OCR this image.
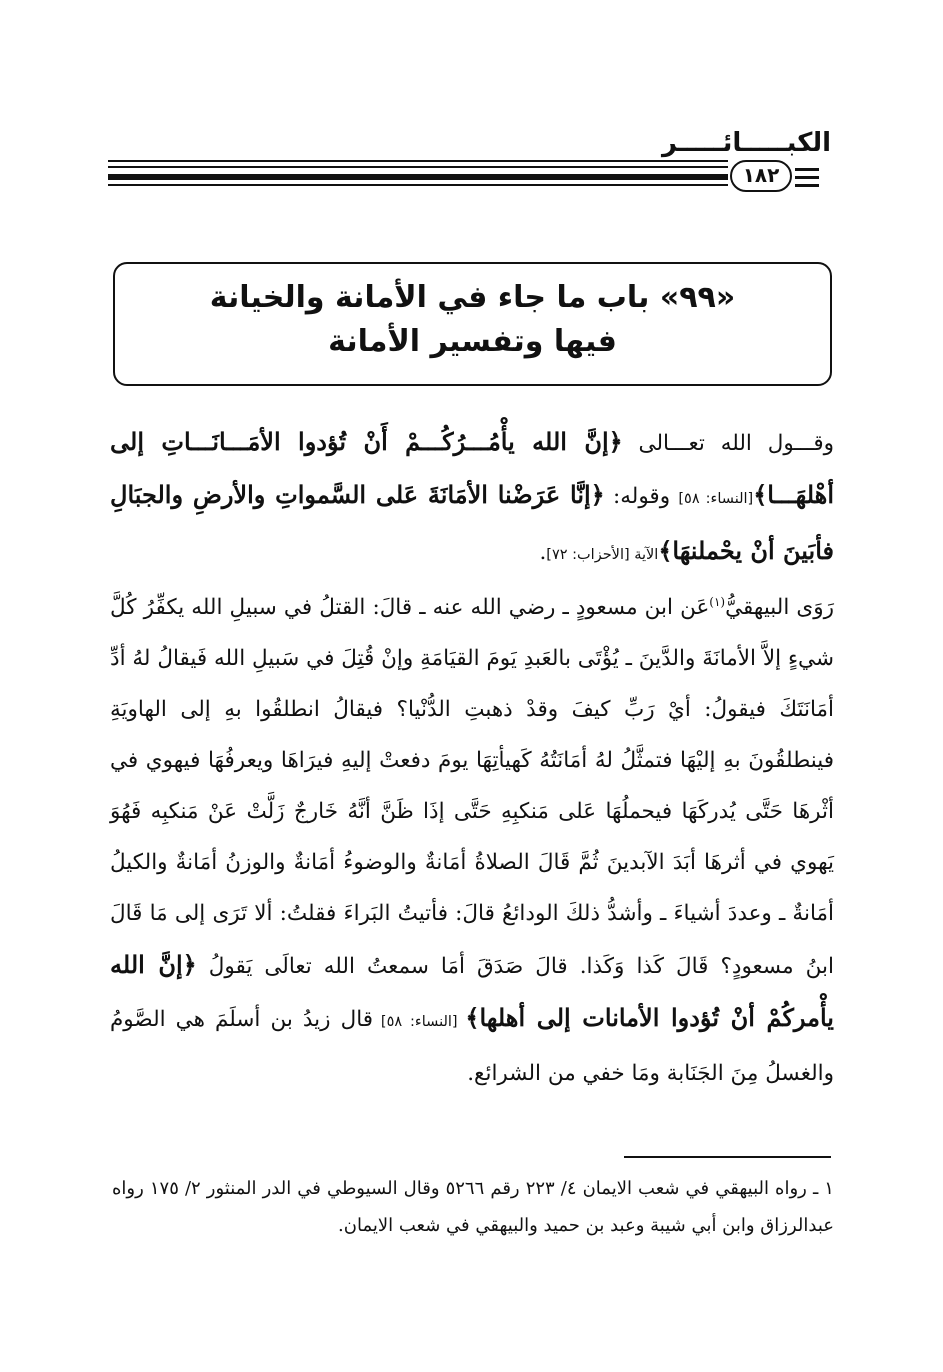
الكبـــــائـــــر
١٨٢
«٩٩» باب ما جاء في الأمانة والخيانة
فيها وتفسير الأمانة

وقـــول الله تعـــالى ﴿إنَّ الله يأْمُـــرُكُـــمْ أَنْ تُؤدوا الأمَـــانَـــاتِ إلى أهْلهَـــا﴾[النساء: ٥٨] وقوله: ﴿إنَّا عَرَضْنا الأمَانَةَ عَلى السَّمواتِ والأرضِ والجبَالِ فأبَينَ أنْ يحْملنهَا﴾الآية [الأحزاب: ٧٢].

رَوَى البيهقيُّ$^{(١)}$عَن ابن مسعودٍ ـ رضي الله عنه ـ قالَ: القتلُ في سبيلِ الله يكفِّرُ كُلَّ شيءٍ إلاَّ الأمانَةَ والدَّينَ ـ يُؤْتَى بالعَبدِ يَومَ القيَامَةِ وإنْ قُتِلَ في سَبيلِ الله فَيقالُ لهُ أدِّ أمَانَتَكَ فيقولُ: أيْ رَبِّ كيفَ وقدْ ذهبتِ الدُّنْيا؟ فيقالُ انطلقُوا بهِ إلى الهاويَةِ فينطلقُونَ بهِ إليْهَا فتمثَّلُ لهُ أمَانَتُهُ كَهيأتِهَا يومَ دفعتْ إليهِ فيرَاهَا ويعرفُهَا فيهوي في أثْرهَا حَتَّى يُدركَهَا فيحملُهَا عَلى مَنكبِهِ حَتَّى إذَا ظَنَّ أنَّهُ خَارجٌ زَلَّتْ عَنْ مَنكبِه فَهُوَ يَهوي في أثرهَا أبَدَ الآبدينَ ثُمَّ قَالَ الصلاةُ أمَانةٌ والوضوءُ أمَانةٌ والوزنُ أمَانةٌ والكيلُ أمَانةٌ ـ وعددَ أشياءَ ـ وأشدُّ ذلكَ الودائعُ قالَ: فأتيتُ البَراءَ فقلتُ: ألا تَرَى إلى مَا قَالَ ابنُ مسعودٍ؟ قَالَ كَذا وَكَذا. قالَ صَدَقَ أمَا سمعتُ الله تعالَى يَقولُ ﴿إنَّ الله يأْمركُمْ أنْ تُؤدوا الأمانات إلى أهلها﴾ [النساء: ٥٨] قال زيدُ بن أسلَمَ هي الصَّومُ والغسلُ مِنَ الجَنَابة ومَا خفي من الشرائع.

١ ـ رواه البيهقي في شعب الايمان ٤/ ٢٢٣ رقم ٥٢٦٦ وقال السيوطي في الدر المنثور ٢/ ١٧٥ رواه عبدالرزاق وابن أبي شيبة وعبد بن حميد والبيهقي في شعب الايمان.
